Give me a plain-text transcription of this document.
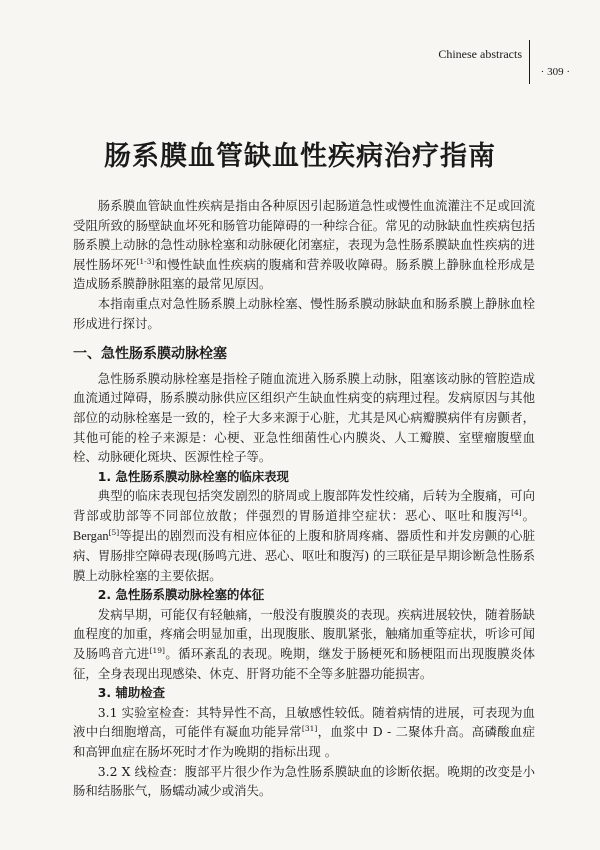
Chinese abstracts
· 309 ·
肠系膜血管缺血性疾病治疗指南

肠系膜血管缺血性疾病是指由各种原因引起肠道急性或慢性血流灌注不足或回流受阻所致的肠壁缺血坏死和肠管功能障碍的一种综合征。常见的动脉缺血性疾病包括肠系膜上动脉的急性动脉栓塞和动脉硬化闭塞症，表现为急性肠系膜缺血性疾病的进展性肠坏死[1-3]和慢性缺血性疾病的腹痛和营养吸收障碍。肠系膜上静脉血栓形成是造成肠系膜静脉阻塞的最常见原因。

本指南重点对急性肠系膜上动脉栓塞、慢性肠系膜动脉缺血和肠系膜上静脉血栓形成进行探讨。

一、急性肠系膜动脉栓塞

急性肠系膜动脉栓塞是指栓子随血流进入肠系膜上动脉，阻塞该动脉的管腔造成血流通过障碍，肠系膜动脉供应区组织产生缺血性病变的病理过程。发病原因与其他部位的动脉栓塞是一致的，栓子大多来源于心脏，尤其是风心病瓣膜病伴有房颤者，其他可能的栓子来源是：心梗、亚急性细菌性心内膜炎、人工瓣膜、室壁瘤腹壁血栓、动脉硬化斑块、医源性栓子等。

1. 急性肠系膜动脉栓塞的临床表现

典型的临床表现包括突发剧烈的脐周或上腹部阵发性绞痛，后转为全腹痛，可向背部或肋部等不同部位放散；伴强烈的胃肠道排空症状：恶心、呕吐和腹泻[4]。 Bergan[5]等提出的剧烈而没有相应体征的上腹和脐周疼痛、器质性和并发房颤的心脏病、胃肠排空障碍表现(肠鸣亢进、恶心、呕吐和腹泻) 的三联征是早期诊断急性肠系膜上动脉栓塞的主要依据。

2. 急性肠系膜动脉栓塞的体征

发病早期，可能仅有轻触痛，一般没有腹膜炎的表现。疾病进展较快，随着肠缺血程度的加重，疼痛会明显加重，出现腹胀、腹肌紧张，触痛加重等症状，听诊可闻及肠鸣音亢进[19]。循环紊乱的表现。晚期，继发于肠梗死和肠梗阻而出现腹膜炎体征，全身表现出现感染、休克、肝肾功能不全等多脏器功能损害。

3. 辅助检查

3.1 实验室检查：其特异性不高，且敏感性较低。随着病情的进展，可表现为血液中白细胞增高，可能伴有凝血功能异常[31]，血浆中 D - 二聚体升高。高磷酸血症和高钾血症在肠坏死时才作为晚期的指标出现 。

3.2 X 线检查：腹部平片很少作为急性肠系膜缺血的诊断依据。晚期的改变是小肠和结肠胀气，肠蠕动减少或消失。
